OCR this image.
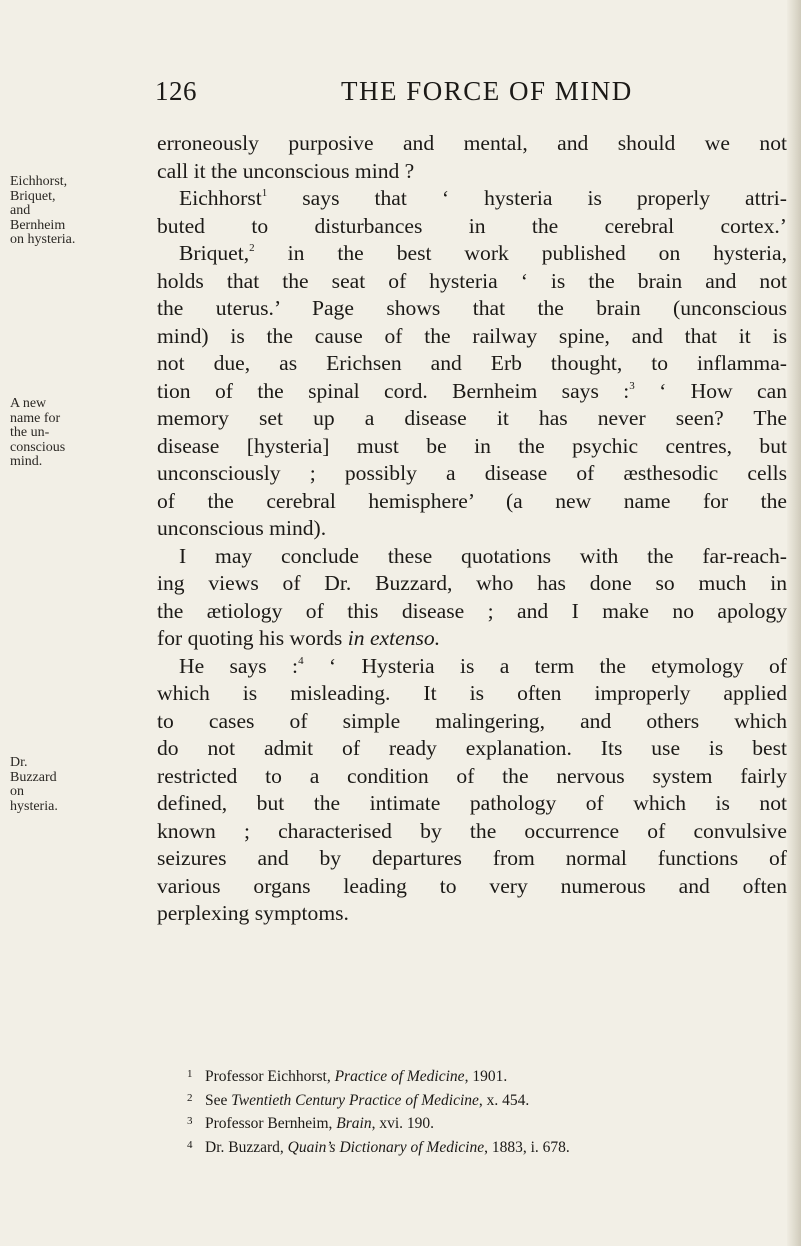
126	THE FORCE OF MIND
Eichhorst,
Briquet,
and
Bernheim
on hysteria.
A new
name for
the un-
conscious
mind.
Dr.
Buzzard
on
hysteria.
erroneously purposive and mental, and should we not
call it the unconscious mind ?
Eichhorst$^1$ says that ‘ hysteria is properly attri-
buted to disturbances in the cerebral cortex.’
Briquet,$^2$ in the best work published on hysteria,
holds that the seat of hysteria ‘ is the brain and not
the uterus.’ Page shows that the brain (unconscious
mind) is the cause of the railway spine, and that it is
not due, as Erichsen and Erb thought, to inflamma-
tion of the spinal cord. Bernheim says :$^3$ ‘ How can
memory set up a disease it has never seen? The
disease [hysteria] must be in the psychic centres, but
unconsciously ; possibly a disease of æsthesodic cells
of the cerebral hemisphere’ (a new name for the
unconscious mind).
I may conclude these quotations with the far-reach-
ing views of Dr. Buzzard, who has done so much in
the ætiology of this disease ; and I make no apology
for quoting his words in extenso.
He says :$^4$ ‘ Hysteria is a term the etymology of
which is misleading. It is often improperly applied
to cases of simple malingering, and others which
do not admit of ready explanation. Its use is best
restricted to a condition of the nervous system fairly
defined, but the intimate pathology of which is not
known ; characterised by the occurrence of convulsive
seizures and by departures from normal functions of
various organs leading to very numerous and often
perplexing symptoms.
1 Professor Eichhorst, Practice of Medicine, 1901.
2 See Twentieth Century Practice of Medicine, x. 454.
3 Professor Bernheim, Brain, xvi. 190.
4 Dr. Buzzard, Quain’s Dictionary of Medicine, 1883, i. 678.
